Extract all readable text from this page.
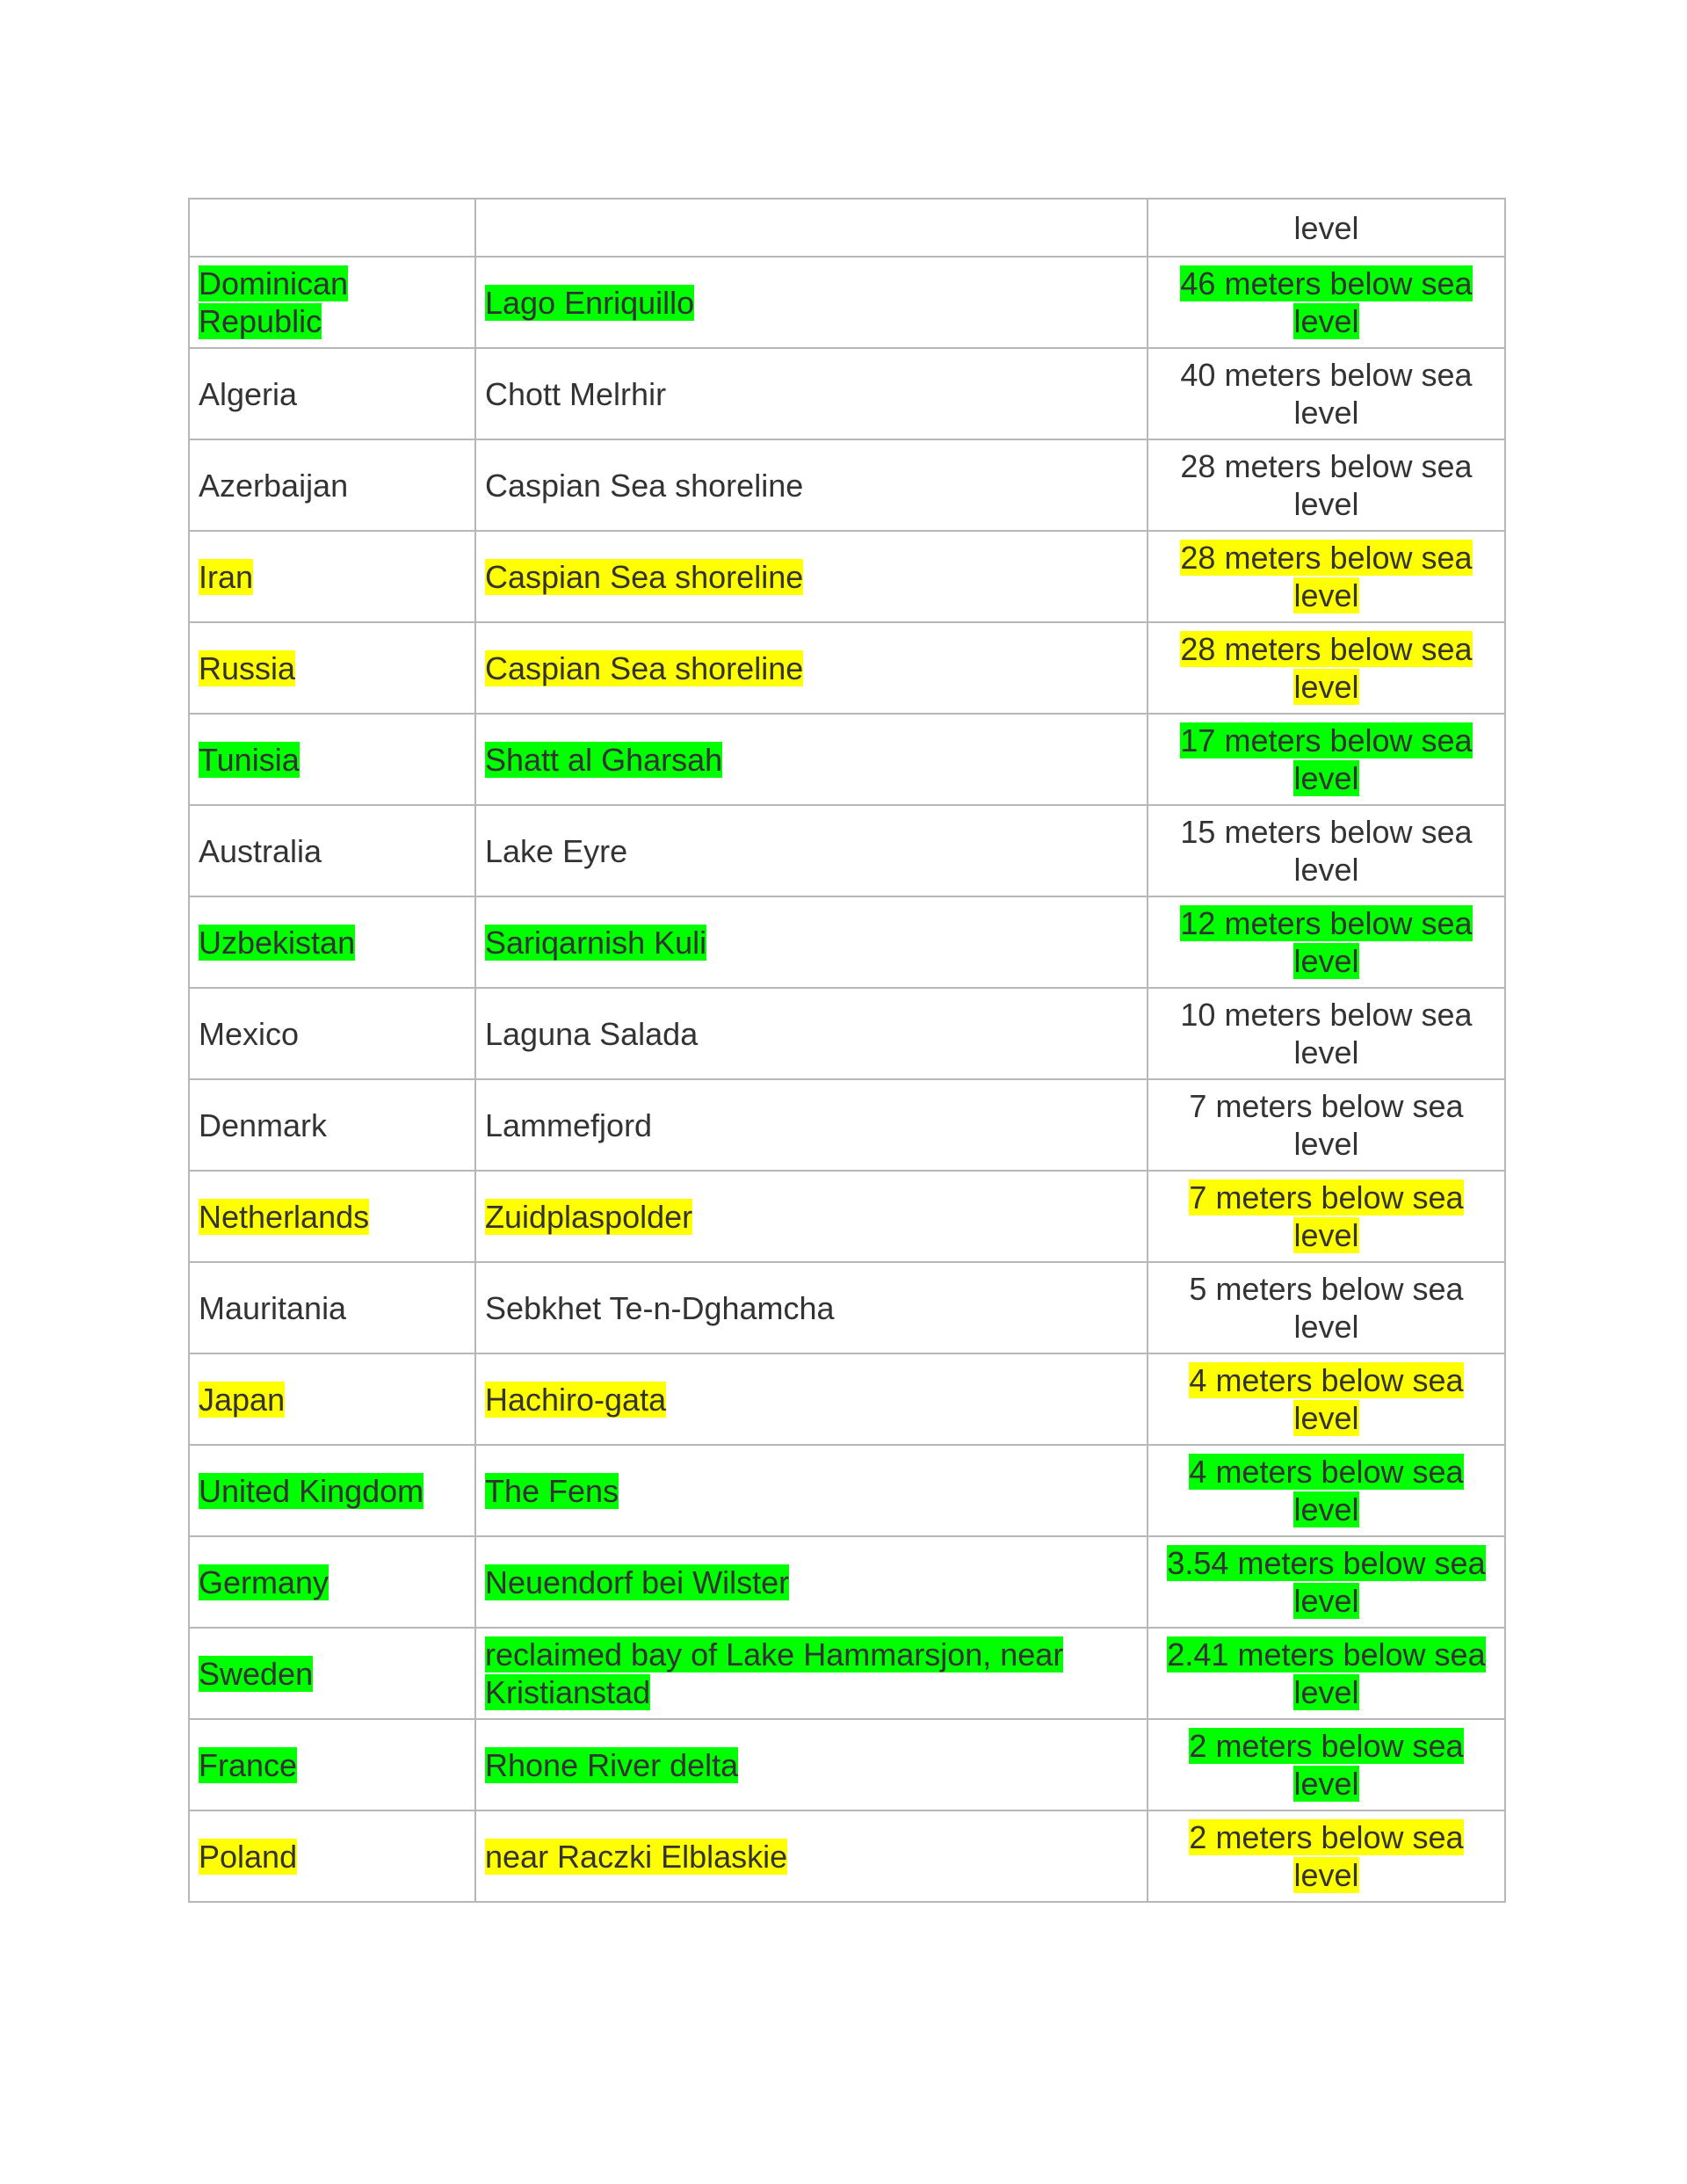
		level
Dominican Republic	Lago Enriquillo	46 meters below sea level
Algeria	Chott Melrhir	40 meters below sea level
Azerbaijan	Caspian Sea shoreline	28 meters below sea level
Iran	Caspian Sea shoreline	28 meters below sea level
Russia	Caspian Sea shoreline	28 meters below sea level
Tunisia	Shatt al Gharsah	17 meters below sea level
Australia	Lake Eyre	15 meters below sea level
Uzbekistan	Sariqarnish Kuli	12 meters below sea level
Mexico	Laguna Salada	10 meters below sea level
Denmark	Lammefjord	7 meters below sea level
Netherlands	Zuidplaspolder	7 meters below sea level
Mauritania	Sebkhet Te-n-Dghamcha	5 meters below sea level
Japan	Hachiro-gata	4 meters below sea level
United Kingdom	The Fens	4 meters below sea level
Germany	Neuendorf bei Wilster	3.54 meters below sea level
Sweden	reclaimed bay of Lake Hammarsjon, near Kristianstad	2.41 meters below sea level
France	Rhone River delta	2 meters below sea level
Poland	near Raczki Elblaskie	2 meters below sea level
